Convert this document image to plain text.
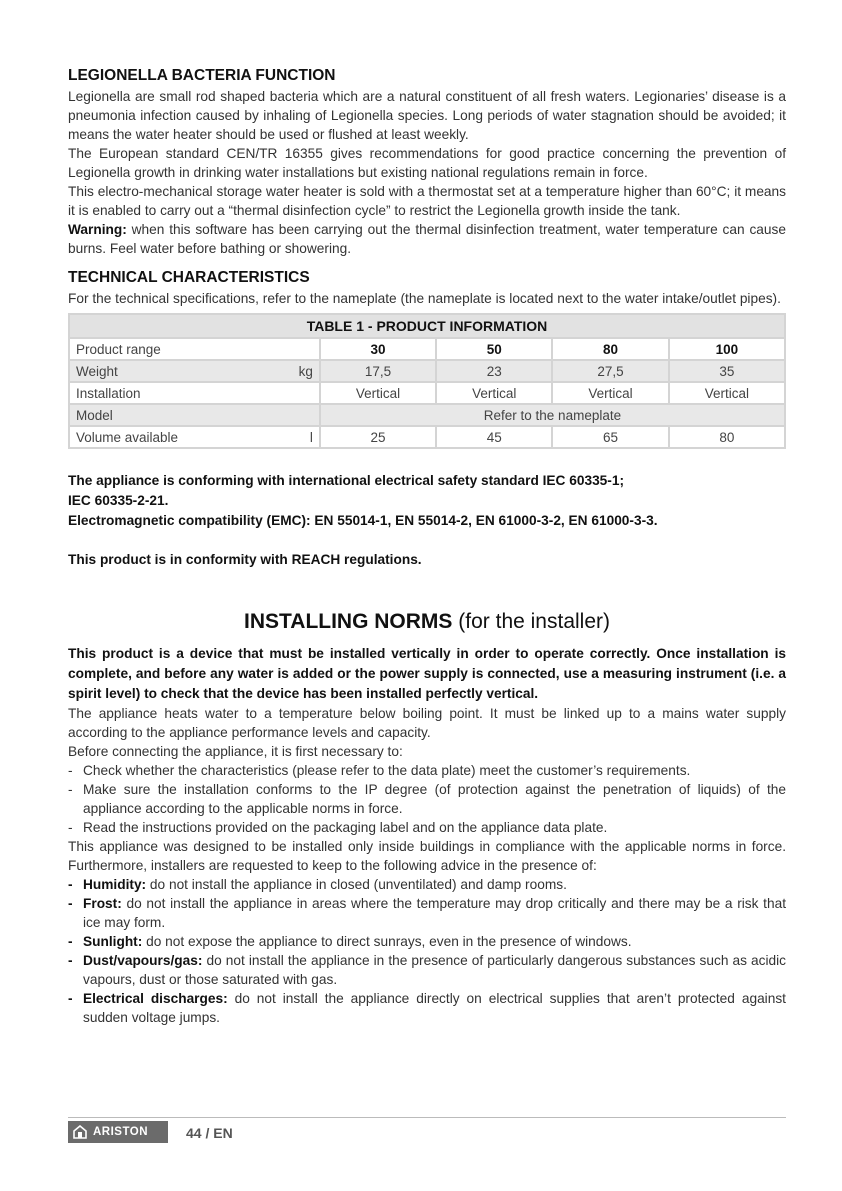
LEGIONELLA BACTERIA FUNCTION

Legionella are small rod shaped bacteria which are a natural constituent of all fresh waters. Legionaries’ disease is a pneumonia infection caused by inhaling of Legionella species. Long periods of water stagnation should be avoided; it means the water heater should be used or flushed at least weekly.

The European standard CEN/TR 16355 gives recommendations for good practice concerning the prevention of Legionella growth in drinking water installations but existing national regulations remain in force.

This electro-mechanical storage water heater is sold with a thermostat set at a temperature higher than 60°C; it means it is enabled to carry out a “thermal disinfection cycle” to restrict the Legionella growth inside the tank.

Warning: when this software has been carrying out the thermal disinfection treatment, water temperature can cause burns. Feel water before bathing or showering.

TECHNICAL CHARACTERISTICS

For the technical specifications, refer to the nameplate (the nameplate is located next to the water intake/outlet pipes).

TABLE 1 - PRODUCT INFORMATION				
Product range	30	50	80	100
Weight kg	17,5	23	27,5	35
Installation	Vertical	Vertical	Vertical	Vertical
Model	Refer to the nameplate			
Volume available l	25	45	65	80

The appliance is conforming with international electrical safety standard IEC 60335-1;

IEC 60335-2-21.

Electromagnetic compatibility (EMC): EN 55014-1, EN 55014-2, EN 61000-3-2, EN 61000-3-3.

This product is in conformity with REACH regulations.

INSTALLING NORMS (for the installer)

This product is a device that must be installed vertically in order to operate correctly. Once installation is complete, and before any water is added or the power supply is connected, use a measuring instrument (i.e. a spirit level) to check that the device has been installed perfectly vertical.

The appliance heats water to a temperature below boiling point. It must be linked up to a mains water supply according to the appliance performance levels and capacity.

Before connecting the appliance, it is first necessary to:

- Check whether the characteristics (please refer to the data plate) meet the customer’s requirements.
- Make sure the installation conforms to the IP degree (of protection against the penetration of liquids) of the appliance according to the applicable norms in force.
- Read the instructions provided on the packaging label and on the appliance data plate.

This appliance was designed to be installed only inside buildings in compliance with the applicable norms in force. Furthermore, installers are requested to keep to the following advice in the presence of:

- Humidity: do not install the appliance in closed (unventilated) and damp rooms.
- Frost: do not install the appliance in areas where the temperature may drop critically and there may be a risk that ice may form.
- Sunlight: do not expose the appliance to direct sunrays, even in the presence of windows.
- Dust/vapours/gas: do not install the appliance in the presence of particularly dangerous substances such as acidic vapours, dust or those saturated with gas.
- Electrical discharges: do not install the appliance directly on electrical supplies that aren’t protected against sudden voltage jumps.
ARISTON	44 / EN
